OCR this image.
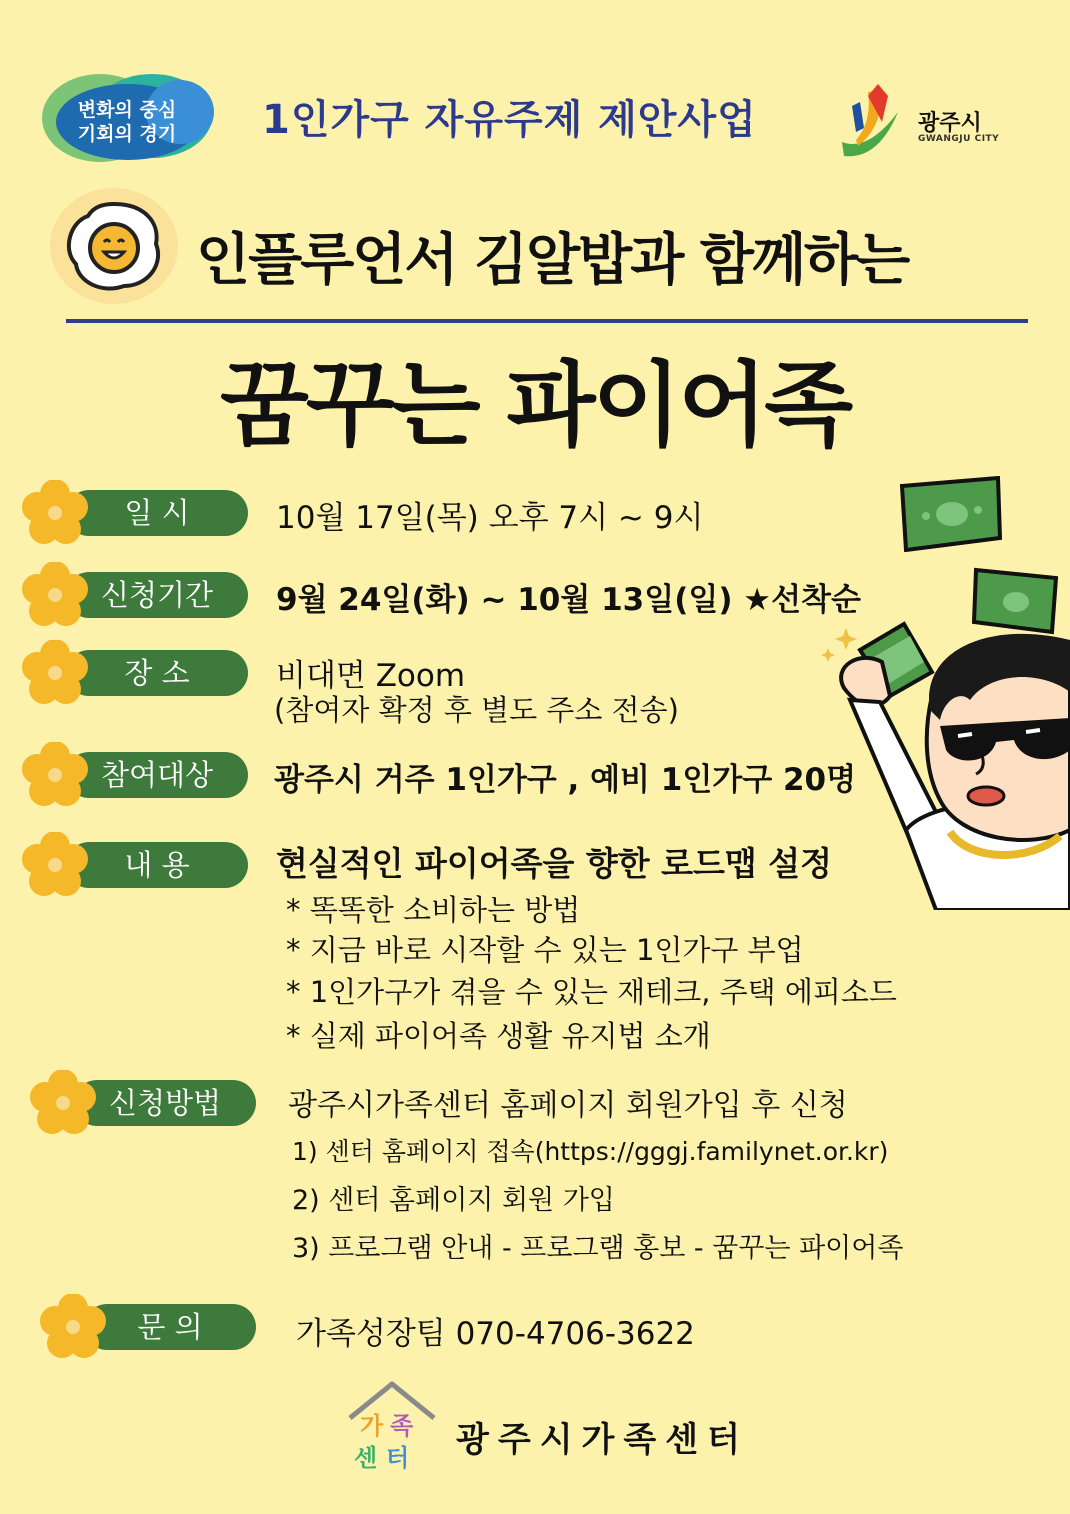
변화의 중심
기회의 경기	1인가구 자유주제 제안사업	광주시
GWANGJU CITY
인플루언서 김알밥과 함께하는
꿈꾸는 파이어족
일 시	10월 17일(목) 오후 7시 ~ 9시
신청기간	9월 24일(화) ~ 10월 13일(일) ★선착순
장 소	비대면 Zoom
(참여자 확정 후 별도 주소 전송)
참여대상	광주시 거주 1인가구 , 예비 1인가구 20명
내 용	현실적인 파이어족을 향한 로드맵 설정
* 똑똑한 소비하는 방법
* 지금 바로 시작할 수 있는 1인가구 부업
* 1인가구가 겪을 수 있는 재테크, 주택 에피소드
* 실제 파이어족 생활 유지법 소개
신청방법	광주시가족센터 홈페이지 회원가입 후 신청
1) 센터 홈페이지 접속(https://gggj.familynet.or.kr)
2) 센터 홈페이지 회원 가입
3) 프로그램 안내 - 프로그램 홍보 - 꿈꾸는 파이어족
문 의	가족성장팀 070-4706-3622
가 족
센 터 광주시가족센터
